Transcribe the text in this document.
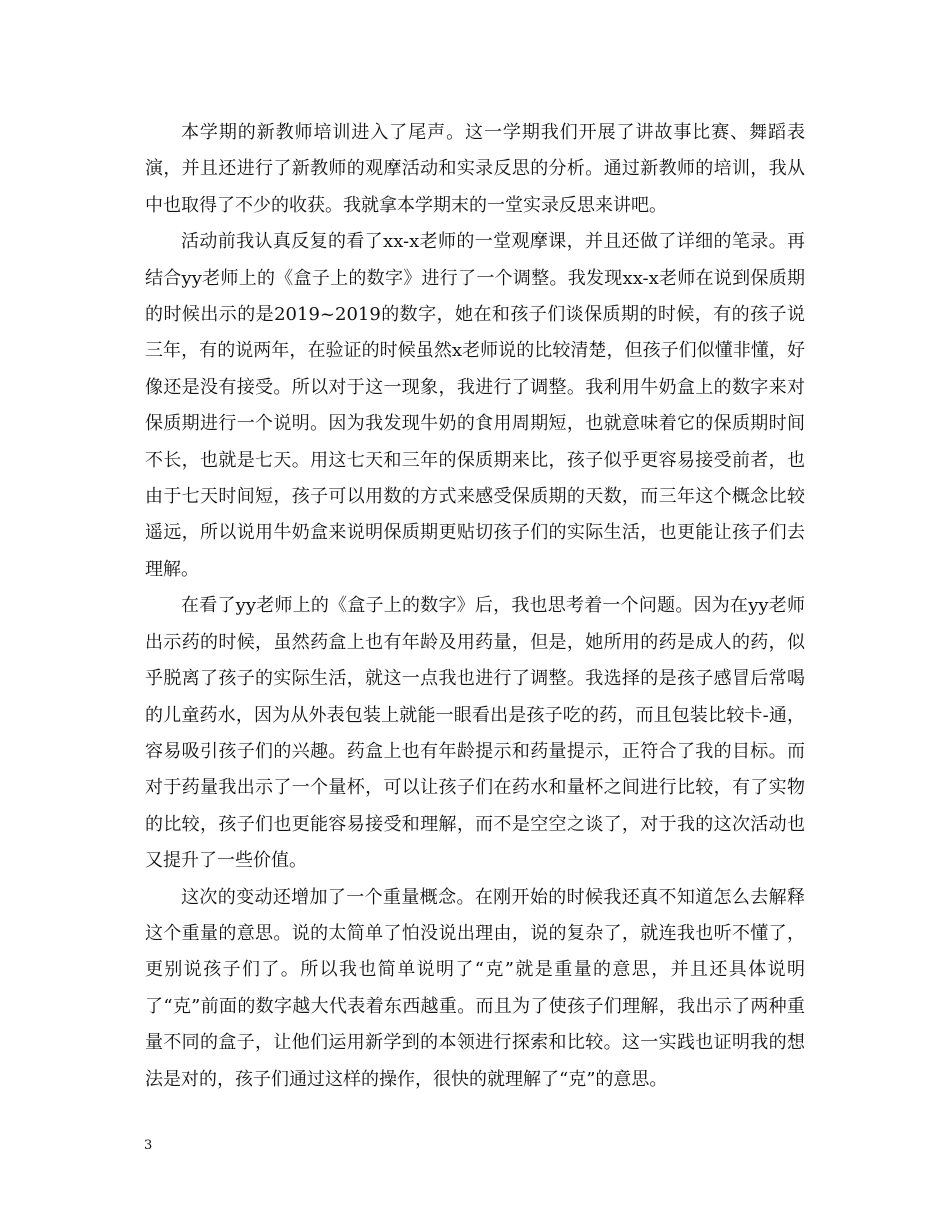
本学期的新教师培训进入了尾声。这一学期我们开展了讲故事比赛、舞蹈表演，并且还进行了新教师的观摩活动和实录反思的分析。通过新教师的培训，我从中也取得了不少的收获。我就拿本学期末的一堂实录反思来讲吧。

活动前我认真反复的看了xx-x老师的一堂观摩课，并且还做了详细的笔录。再结合yy老师上的《盒子上的数字》进行了一个调整。我发现xx-x老师在说到保质期的时候出示的是2019~2019的数字，她在和孩子们谈保质期的时候，有的孩子说三年，有的说两年，在验证的时候虽然x老师说的比较清楚，但孩子们似懂非懂，好像还是没有接受。所以对于这一现象，我进行了调整。我利用牛奶盒上的数字来对保质期进行一个说明。因为我发现牛奶的食用周期短，也就意味着它的保质期时间不长，也就是七天。用这七天和三年的保质期来比，孩子似乎更容易接受前者，也由于七天时间短，孩子可以用数的方式来感受保质期的天数，而三年这个概念比较遥远，所以说用牛奶盒来说明保质期更贴切孩子们的实际生活，也更能让孩子们去理解。

在看了yy老师上的《盒子上的数字》后，我也思考着一个问题。因为在yy老师出示药的时候，虽然药盒上也有年龄及用药量，但是，她所用的药是成人的药，似乎脱离了孩子的实际生活，就这一点我也进行了调整。我选择的是孩子感冒后常喝的儿童药水，因为从外表包装上就能一眼看出是孩子吃的药，而且包装比较卡-通，容易吸引孩子们的兴趣。药盒上也有年龄提示和药量提示，正符合了我的目标。而对于药量我出示了一个量杯，可以让孩子们在药水和量杯之间进行比较，有了实物的比较，孩子们也更能容易接受和理解，而不是空空之谈了，对于我的这次活动也又提升了一些价值。

这次的变动还增加了一个重量概念。在刚开始的时候我还真不知道怎么去解释这个重量的意思。说的太简单了怕没说出理由，说的复杂了，就连我也听不懂了，更别说孩子们了。所以我也简单说明了“克”就是重量的意思，并且还具体说明了“克”前面的数字越大代表着东西越重。而且为了使孩子们理解，我出示了两种重量不同的盒子，让他们运用新学到的本领进行探索和比较。这一实践也证明我的想法是对的，孩子们通过这样的操作，很快的就理解了“克”的意思。

3
